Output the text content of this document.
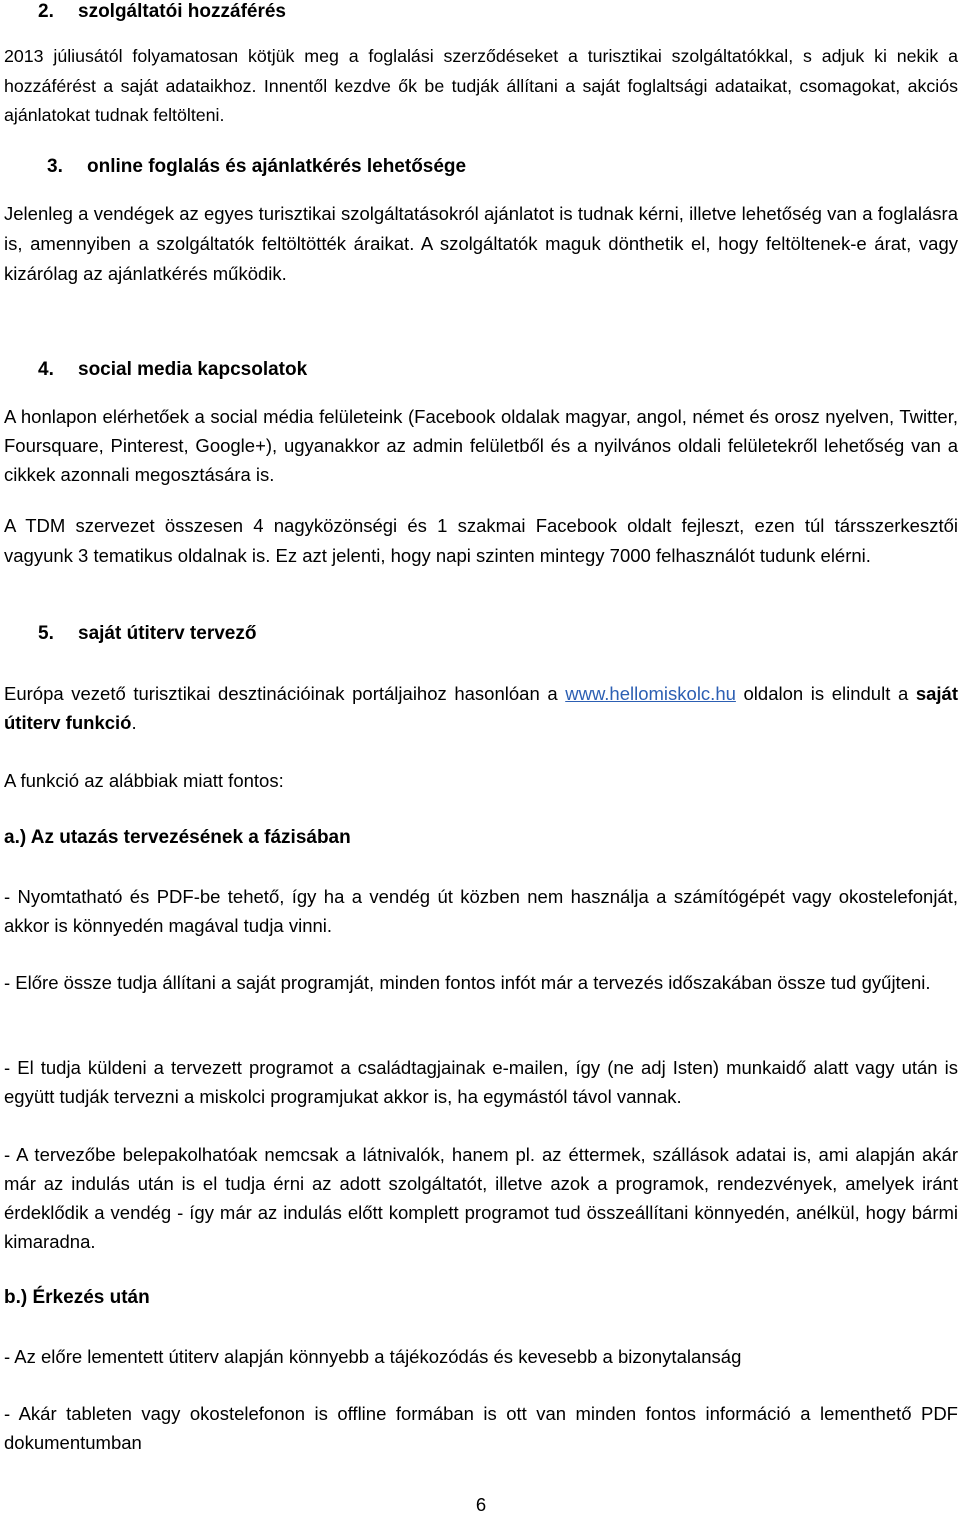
2. szolgáltatói hozzáférés

2013 júliusától folyamatosan kötjük meg a foglalási szerződéseket a turisztikai szolgáltatókkal, s adjuk ki nekik a hozzáférést a saját adataikhoz. Innentől kezdve ők be tudják állítani a saját foglaltsági adataikat, csomagokat, akciós ajánlatokat tudnak feltölteni.

3. online foglalás és ajánlatkérés lehetősége

Jelenleg a vendégek az egyes turisztikai szolgáltatásokról ajánlatot is tudnak kérni, illetve lehetőség van a foglalásra is, amennyiben a szolgáltatók feltöltötték áraikat. A szolgáltatók maguk dönthetik el, hogy feltöltenek-e árat, vagy kizárólag az ajánlatkérés működik.

4. social media kapcsolatok

A honlapon elérhetőek a social média felületeink (Facebook oldalak magyar, angol, német és orosz nyelven, Twitter, Foursquare, Pinterest, Google+), ugyanakkor az admin felületből és a nyilvános oldali felületekről lehetőség van a cikkek azonnali megosztására is.

A TDM szervezet összesen 4 nagyközönségi és 1 szakmai Facebook oldalt fejleszt, ezen túl társszerkesztői vagyunk 3 tematikus oldalnak is. Ez azt jelenti, hogy napi szinten mintegy 7000 felhasználót tudunk elérni.

5. saját útiterv tervező

Európa vezető turisztikai desztinációinak portáljaihoz hasonlóan a www.hellomiskolc.hu oldalon is elindult a saját útiterv funkció.

A funkció az alábbiak miatt fontos:

a.) Az utazás tervezésének a fázisában

- Nyomtatható és PDF-be tehető, így ha a vendég út közben nem használja a számítógépét vagy okostelefonját, akkor is könnyedén magával tudja vinni.

- Előre össze tudja állítani a saját programját, minden fontos infót már a tervezés időszakában össze tud gyűjteni.

- El tudja küldeni a tervezett programot a családtagjainak e-mailen, így (ne adj Isten) munkaidő alatt vagy után is együtt tudják tervezni a miskolci programjukat akkor is, ha egymástól távol vannak.

- A tervezőbe belepakolhatóak nemcsak a látnivalók, hanem pl. az éttermek, szállások adatai is, ami alapján akár már az indulás után is el tudja érni az adott szolgáltatót, illetve azok a programok, rendezvények, amelyek iránt érdeklődik a vendég - így már az indulás előtt komplett programot tud összeállítani könnyedén, anélkül, hogy bármi kimaradna.

b.) Érkezés után

- Az előre lementett útiterv alapján könnyebb a tájékozódás és kevesebb a bizonytalanság

- Akár tableten vagy okostelefonon is offline formában is ott van minden fontos információ a lementhető PDF dokumentumban

6
